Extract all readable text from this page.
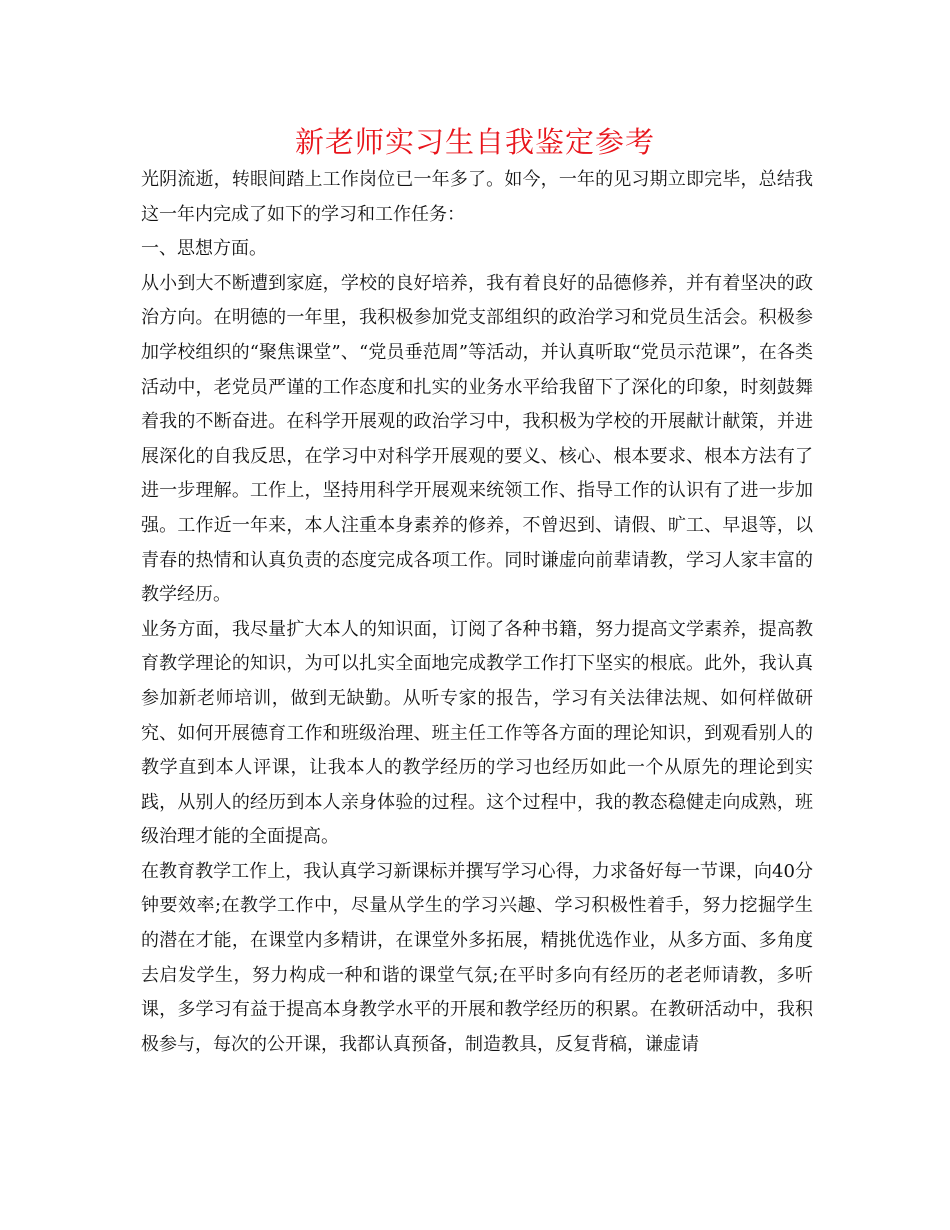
新老师实习生自我鉴定参考

光阴流逝，转眼间踏上工作岗位已一年多了。如今，一年的见习期立即完毕，总结我这一年内完成了如下的学习和工作任务：

一、思想方面。

从小到大不断遭到家庭，学校的良好培养，我有着良好的品德修养，并有着坚决的政治方向。在明德的一年里，我积极参加党支部组织的政治学习和党员生活会。积极参加学校组织的“聚焦课堂”、“党员垂范周”等活动，并认真听取“党员示范课”，在各类活动中，老党员严谨的工作态度和扎实的业务水平给我留下了深化的印象，时刻鼓舞着我的不断奋进。在科学开展观的政治学习中，我积极为学校的开展献计献策，并进展深化的自我反思，在学习中对科学开展观的要义、核心、根本要求、根本方法有了进一步理解。工作上，坚持用科学开展观来统领工作、指导工作的认识有了进一步加强。工作近一年来，本人注重本身素养的修养，不曾迟到、请假、旷工、早退等，以青春的热情和认真负责的态度完成各项工作。同时谦虚向前辈请教，学习人家丰富的教学经历。

业务方面，我尽量扩大本人的知识面，订阅了各种书籍，努力提高文学素养，提高教育教学理论的知识，为可以扎实全面地完成教学工作打下坚实的根底。此外，我认真参加新老师培训，做到无缺勤。从听专家的报告，学习有关法律法规、如何样做研究、如何开展德育工作和班级治理、班主任工作等各方面的理论知识，到观看别人的教学直到本人评课，让我本人的教学经历的学习也经历如此一个从原先的理论到实践，从别人的经历到本人亲身体验的过程。这个过程中，我的教态稳健走向成熟，班级治理才能的全面提高。

在教育教学工作上，我认真学习新课标并撰写学习心得，力求备好每一节课，向40分钟要效率;在教学工作中，尽量从学生的学习兴趣、学习积极性着手，努力挖掘学生的潜在才能，在课堂内多精讲，在课堂外多拓展，精挑优选作业，从多方面、多角度去启发学生，努力构成一种和谐的课堂气氛;在平时多向有经历的老老师请教，多听课，多学习有益于提高本身教学水平的开展和教学经历的积累。在教研活动中，我积极参与，每次的公开课，我都认真预备，制造教具，反复背稿，谦虚请
